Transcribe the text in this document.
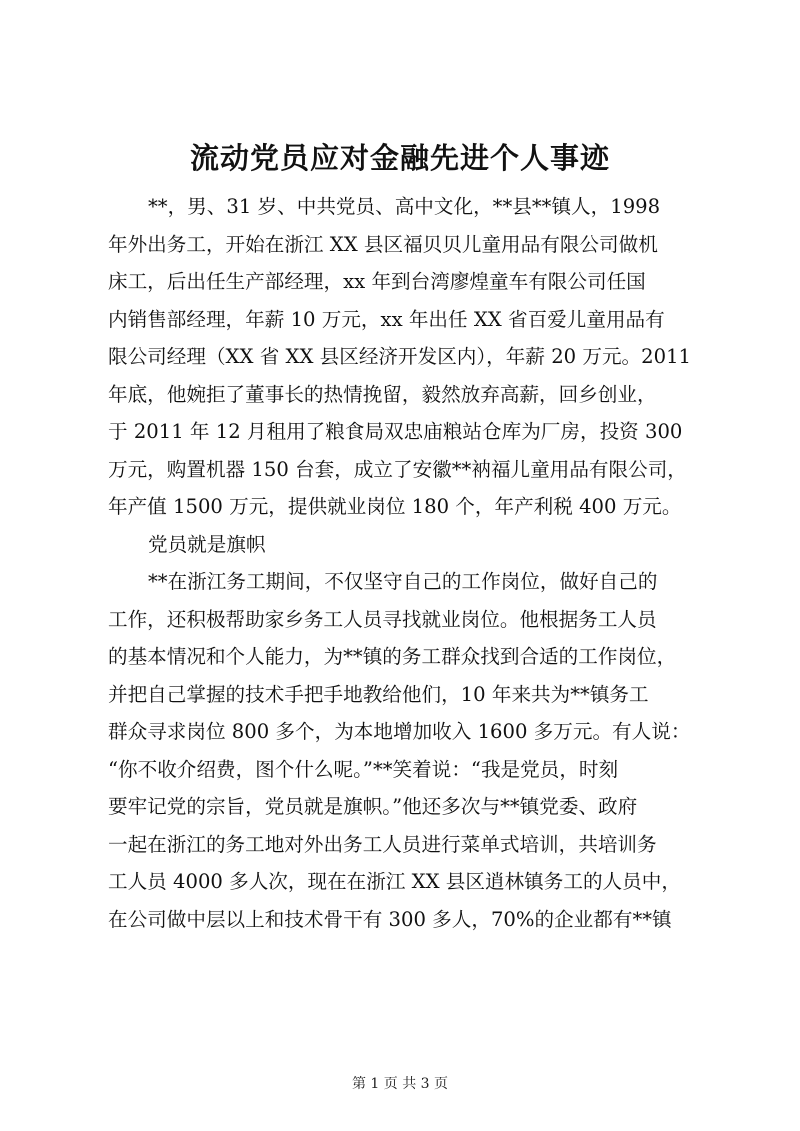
流动党员应对金融先进个人事迹
**，男、31 岁、中共党员、高中文化，**县**镇人，1998
年外出务工，开始在浙江 XX 县区福贝贝儿童用品有限公司做机
床工，后出任生产部经理，xx 年到台湾廖煌童车有限公司任国
内销售部经理，年薪 10 万元，xx 年出任 XX 省百爱儿童用品有
限公司经理（XX 省 XX 县区经济开发区内），年薪 20 万元。2011
年底，他婉拒了董事长的热情挽留，毅然放弃高薪，回乡创业，
于 2011 年 12 月租用了粮食局双忠庙粮站仓库为厂房，投资 300
万元，购置机器 150 台套，成立了安徽**衲福儿童用品有限公司，
年产值 1500 万元，提供就业岗位 180 个，年产利税 400 万元。
党员就是旗帜
**在浙江务工期间，不仅坚守自己的工作岗位，做好自己的
工作，还积极帮助家乡务工人员寻找就业岗位。他根据务工人员
的基本情况和个人能力，为**镇的务工群众找到合适的工作岗位，
并把自己掌握的技术手把手地教给他们，10 年来共为**镇务工
群众寻求岗位 800 多个，为本地增加收入 1600 多万元。有人说：
“你不收介绍费，图个什么呢。”**笑着说：“我是党员，时刻
要牢记党的宗旨，党员就是旗帜。”他还多次与**镇党委、政府
一起在浙江的务工地对外出务工人员进行菜单式培训，共培训务
工人员 4000 多人次，现在在浙江 XX 县区逍林镇务工的人员中，
在公司做中层以上和技术骨干有 300 多人，70%的企业都有**镇
第 1 页 共 3 页
